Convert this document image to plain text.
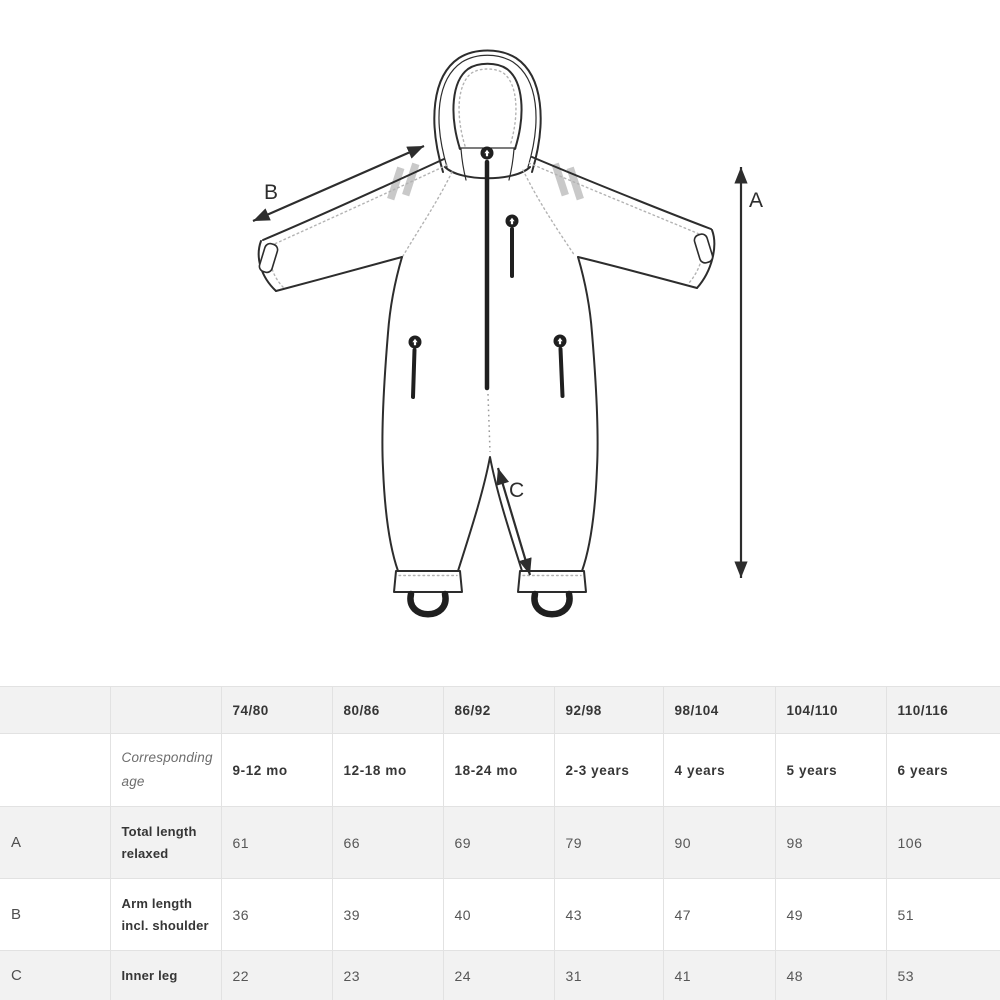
A
B
C
		74/80	80/86	86/92	92/98	98/104	104/110	110/116
	Corresponding age	9-12 mo	12-18 mo	18-24 mo	2-3 years	4 years	5 years	6 years
A	Total length relaxed	61	66	69	79	90	98	106
B	Arm length incl. shoulder	36	39	40	43	47	49	51
C	Inner leg	22	23	24	31	41	48	53
